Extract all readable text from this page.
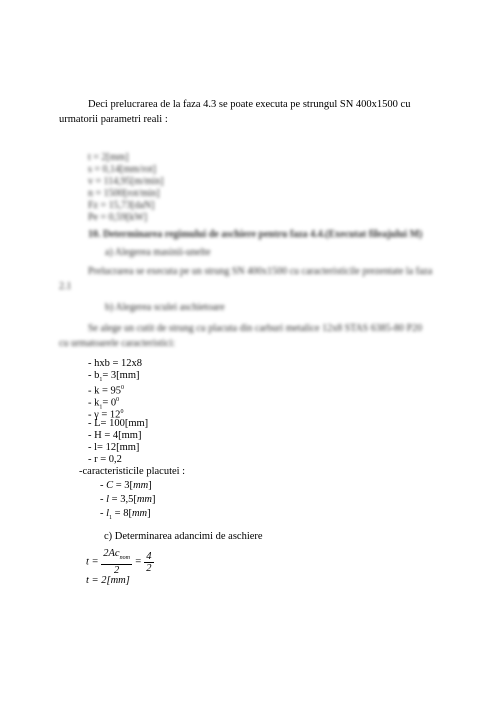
Deci prelucrarea de la faza 4.3 se poate executa pe strungul SN 400x1500 cu
urmatorii parametri reali :
t = 2[mm]
s = 0,14[mm/rot]
v = 114,95[m/min]
n = 1500[rot/min]
Fz = 15,73[daN]
Pe = 0,59[kW]
10. Determinarea regimului de aschiere pentru faza 4.4.(Executat fileajului M)
a) Alegerea masinii-unelte
Prelucrarea se executa pe un strung SN 400x1500 cu caracteristicile prezentate la faza
2.1
b) Alegerea sculei aschietoare
Se alege un cutit de strung cu placuta din carburi metalice 12x8 STAS 6385-80 P20
cu urmatoarele caracteristici:
- hxb = 12x8
- $b_1= 3[mm]$
- $k = 95^0$
- $k_1= 0^0$
- $\gamma = 12^0$
- L= 100[mm]
- H = 4[mm]
- l= 12[mm]
- r = 0,2
-caracteristicile placutei :
- C = 3[mm]
- l = 3,5[mm]
- $l_1 = 8[mm]$
c) Determinarea adancimi de aschiere
$t = \frac{2Ac_{nom}}{2} = \frac{4}{2}$
t = 2[mm]
